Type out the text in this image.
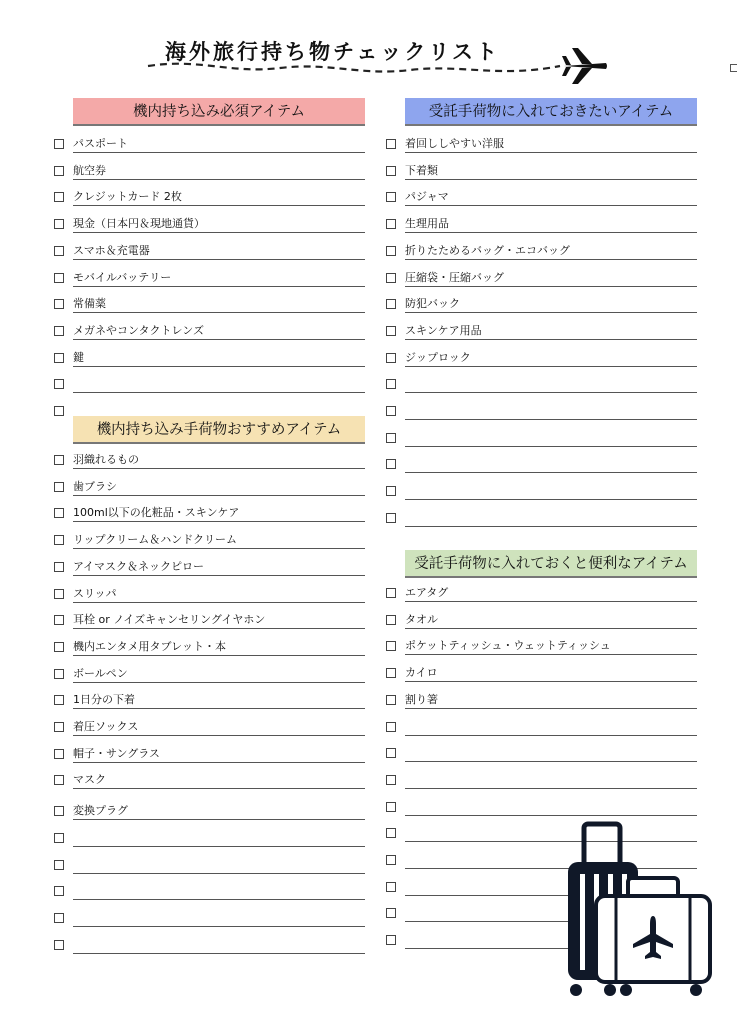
海外旅行持ち物チェックリスト
機内持ち込み必須アイテム
パスポート
航空券
クレジットカード 2枚
現金（日本円＆現地通貨）
スマホ＆充電器
モバイルバッテリー
常備薬
メガネやコンタクトレンズ
鍵
機内持ち込み手荷物おすすめアイテム
羽織れるもの
歯ブラシ
100ml以下の化粧品・スキンケア
リップクリーム＆ハンドクリーム
アイマスク＆ネックピロー
スリッパ
耳栓 or ノイズキャンセリングイヤホン
機内エンタメ用タブレット・本
ボールペン
1日分の下着
着圧ソックス
帽子・サングラス
マスク
変換プラグ
受託手荷物に入れておきたいアイテム
着回ししやすい洋服
下着類
パジャマ
生理用品
折りたためるバッグ・エコバッグ
圧縮袋・圧縮バッグ
防犯バック
スキンケア用品
ジップロック
受託手荷物に入れておくと便利なアイテム
エアタグ
タオル
ポケットティッシュ・ウェットティッシュ
カイロ
割り箸
